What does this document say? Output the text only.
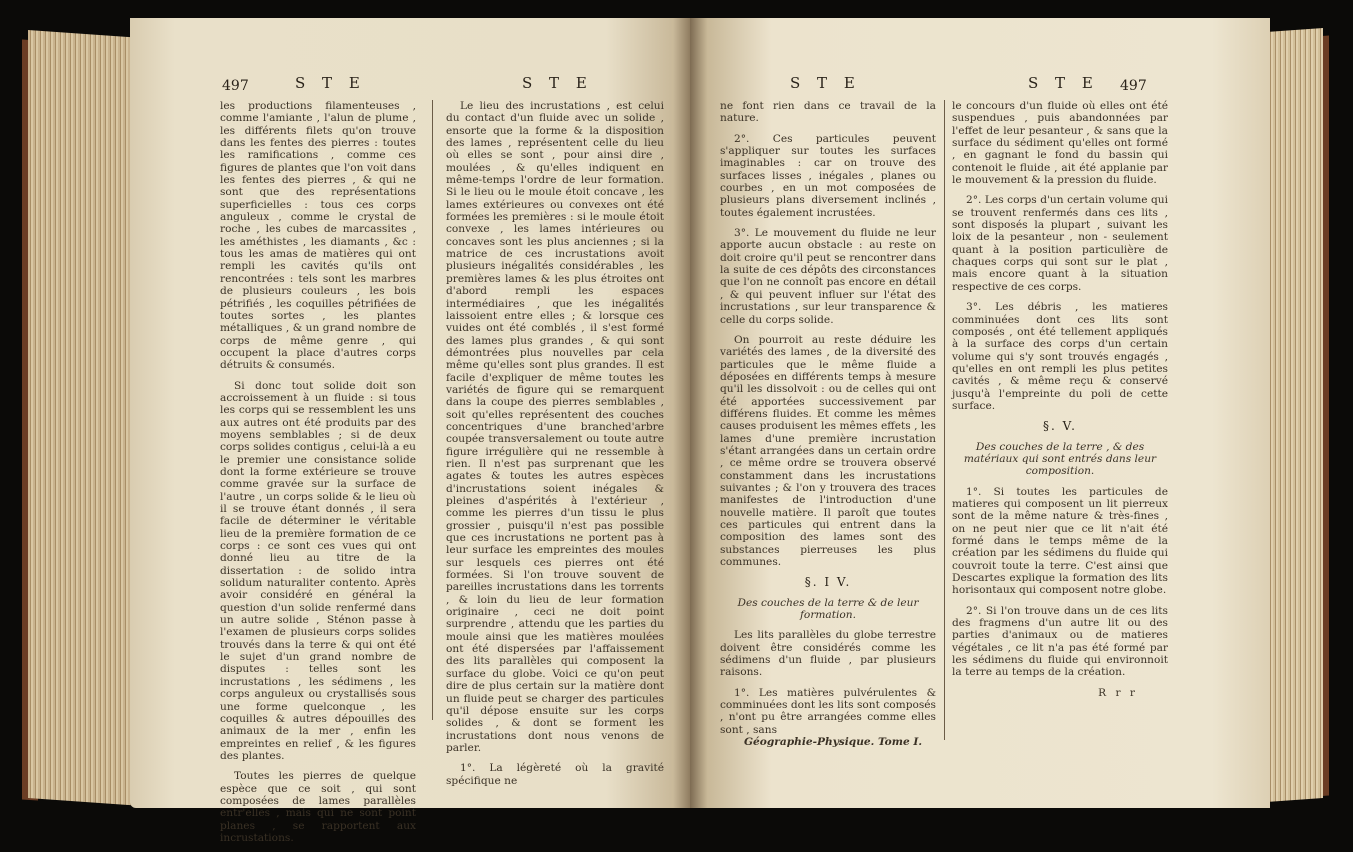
497	S T E	S T E

les productions filamenteuses , comme l'amiante , l'alun de plume , les différents filets qu'on trouve dans les fentes des pierres : toutes les ramifications , comme ces figures de plantes que l'on voit dans les fentes des pierres , & qui ne sont que des représentations superficielles : tous ces corps anguleux , comme le crystal de roche , les cubes de marcassites , les améthistes , les diamants , &c : tous les amas de matières qui ont rempli les cavités qu'ils ont rencontrées : tels sont les marbres de plusieurs couleurs , les bois pétrifiés , les coquilles pétrifiées de toutes sortes , les plantes métalliques , & un grand nombre de corps de même genre , qui occupent la place d'autres corps détruits & consumés.

Si donc tout solide doit son accroissement à un fluide : si tous les corps qui se ressemblent les uns aux autres ont été produits par des moyens semblables ; si de deux corps solides contigus , celui-là a eu le premier une consistance solide dont la forme extérieure se trouve comme gravée sur la surface de l'autre , un corps solide & le lieu où il se trouve étant donnés , il sera facile de déterminer le véritable lieu de la première formation de ce corps : ce sont ces vues qui ont donné lieu au titre de la dissertation : de solido intra solidum naturaliter contento. Après avoir considéré en général la question d'un solide renfermé dans un autre solide , Sténon passe à l'examen de plusieurs corps solides trouvés dans la terre & qui ont été le sujet d'un grand nombre de disputes : telles sont les incrustations , les sédimens , les corps anguleux ou crystallisés sous une forme quelconque , les coquilles & autres dépouilles des animaux de la mer , enfin les empreintes en relief , & les figures des plantes.

Toutes les pierres de quelque espèce que ce soit , qui sont composées de lames parallèles entr'elles , mais qui ne sont point planes , se rapportent aux incrustations.

Le lieu des incrustations , est celui du contact d'un fluide avec un solide , ensorte que la forme & la disposition des lames , représentent celle du lieu où elles se sont , pour ainsi dire , moulées , & qu'elles indiquent en même-temps l'ordre de leur formation. Si le lieu ou le moule étoit concave , les lames extérieures ou convexes ont été formées les premières : si le moule étoit convexe , les lames intérieures ou concaves sont les plus anciennes ; si la matrice de ces incrustations avoit plusieurs inégalités considérables , les premières lames & les plus étroites ont d'abord rempli les espaces intermédiaires , que les inégalités laissoient entre elles ; & lorsque ces vuides ont été comblés , il s'est formé des lames plus grandes , & qui sont démontrées plus nouvelles par cela même qu'elles sont plus grandes. Il est facile d'expliquer de même toutes les variétés de figure qui se remarquent dans la coupe des pierres semblables , soit qu'elles représentent des couches concentriques d'une branched'arbre coupée transversalement ou toute autre figure irrégulière qui ne ressemble à rien. Il n'est pas surprenant que les agates & toutes les autres espèces d'incrustations soient inégales & pleines d'aspérités à l'extérieur , comme les pierres d'un tissu le plus grossier , puisqu'il n'est pas possible que ces incrustations ne portent pas à leur surface les empreintes des moules sur lesquels ces pierres ont été formées. Si l'on trouve souvent de pareilles incrustations dans les torrents , & loin du lieu de leur formation originaire , ceci ne doit point surprendre , attendu que les parties du moule ainsi que les matières moulées ont été dispersées par l'affaissement des lits parallèles qui composent la surface du globe. Voici ce qu'on peut dire de plus certain sur la matière dont un fluide peut se charger des particules qu'il dépose ensuite sur les corps solides , & dont se forment les incrustations dont nous venons de parler.

1°. La légèreté où la gravité spécifique ne

S T E	S T E 497

ne font rien dans ce travail de la nature.

2°. Ces particules peuvent s'appliquer sur toutes les surfaces imaginables : car on trouve des surfaces lisses , inégales , planes ou courbes , en un mot composées de plusieurs plans diversement inclinés , toutes également incrustées.

3°. Le mouvement du fluide ne leur apporte aucun obstacle : au reste on doit croire qu'il peut se rencontrer dans la suite de ces dépôts des circonstances que l'on ne connoît pas encore en détail , & qui peuvent influer sur l'état des incrustations , sur leur transparence & celle du corps solide.

On pourroit au reste déduire les variétés des lames , de la diversité des particules que le même fluide a déposées en différents temps à mesure qu'il les dissolvoit : ou de celles qui ont été apportées successivement par différens fluides. Et comme les mêmes causes produisent les mêmes effets , les lames d'une première incrustation s'étant arrangées dans un certain ordre , ce même ordre se trouvera observé constamment dans les incrustations suivantes ; & l'on y trouvera des traces manifestes de l'introduction d'une nouvelle matière. Il paroît que toutes ces particules qui entrent dans la composition des lames sont des substances pierreuses les plus communes.

§. I V.

Des couches de la terre & de leur formation.

Les lits parallèles du globe terrestre doivent être considérés comme les sédimens d'un fluide , par plusieurs raisons.

1°. Les matières pulvérulentes & comminuées dont les lits sont composés , n'ont pu être arrangées comme elles sont , sans

Géographie-Physique. Tome I.

le concours d'un fluide où elles ont été suspendues , puis abandonnées par l'effet de leur pesanteur , & sans que la surface du sédiment qu'elles ont formé , en gagnant le fond du bassin qui contenoit le fluide , ait été applanie par le mouvement & la pression du fluide.

2°. Les corps d'un certain volume qui se trouvent renfermés dans ces lits , sont disposés la plupart , suivant les loix de la pesanteur , non - seulement quant à la position particulière de chaques corps qui sont sur le plat , mais encore quant à la situation respective de ces corps.

3°. Les débris , les matieres comminuées dont ces lits sont composés , ont été tellement appliqués à la surface des corps d'un certain volume qui s'y sont trouvés engagés , qu'elles en ont rempli les plus petites cavités , & même reçu & conservé jusqu'à l'empreinte du poli de cette surface.

§. V.

Des couches de la terre , & des matériaux qui sont entrés dans leur composition.

1°. Si toutes les particules de matieres qui composent un lit pierreux sont de la même nature & très-fines , on ne peut nier que ce lit n'ait été formé dans le temps même de la création par les sédimens du fluide qui couvroit toute la terre. C'est ainsi que Descartes explique la formation des lits horisontaux qui composent notre globe.

2°. Si l'on trouve dans un de ces lits des fragmens d'un autre lit ou des parties d'animaux ou de matieres végétales , ce lit n'a pas été formé par les sédimens du fluide qui environnoit la terre au temps de la création.

R r r
